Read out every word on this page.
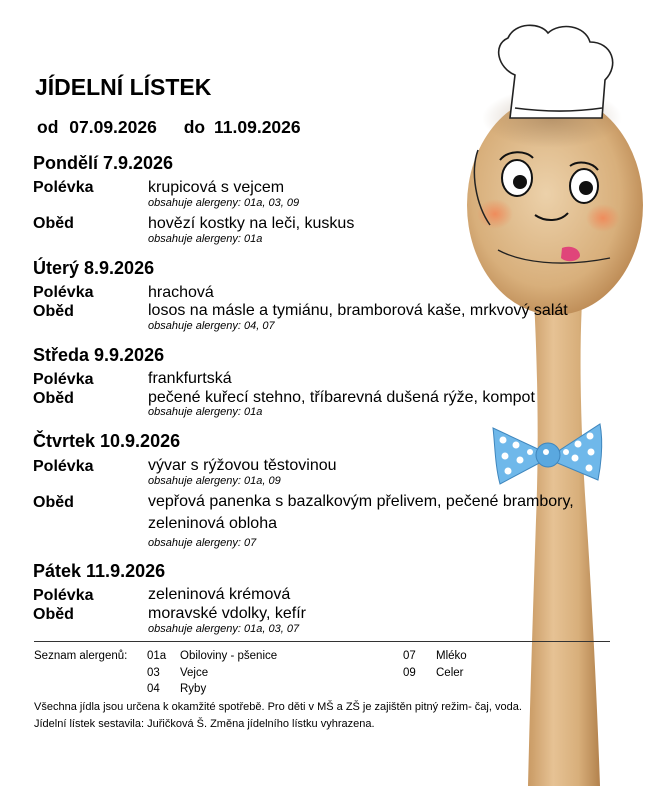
JÍDELNÍ LÍSTEK
od 07.09.2026 do 11.09.2026
Pondělí 7.9.2026
Polévka	krupicová s vejcem
obsahuje alergeny: 01a, 03, 09
Oběd	hovězí kostky na leči, kuskus
obsahuje alergeny: 01a
Úterý 8.9.2026
Polévka	hrachová
Oběd	losos na másle a tymiánu, bramborová kaše, mrkvový salát
obsahuje alergeny: 04, 07
Středa 9.9.2026
Polévka	frankfurtská
Oběd	pečené kuřecí stehno, tříbarevná dušená rýže, kompot
obsahuje alergeny: 01a
Čtvrtek 10.9.2026
Polévka	vývar s rýžovou těstovinou
obsahuje alergeny: 01a, 09
Oběd	vepřová panenka s bazalkovým přelivem, pečené brambory,
zeleninová obloha
obsahuje alergeny: 07
Pátek 11.9.2026
Polévka	zeleninová krémová
Oběd	moravské vdolky, kefír
obsahuje alergeny: 01a, 03, 07
Seznam alergenů: 01a Obiloviny - pšenice
03 Vejce
04 Ryby
07 Mléko
09 Celer
Všechna jídla jsou určena k okamžité spotřebě. Pro děti v MŠ a ZŠ je zajištěn pitný režim- čaj, voda.
Jídelní lístek sestavila: Juřičková Š. Změna jídelního lístku vyhrazena.
